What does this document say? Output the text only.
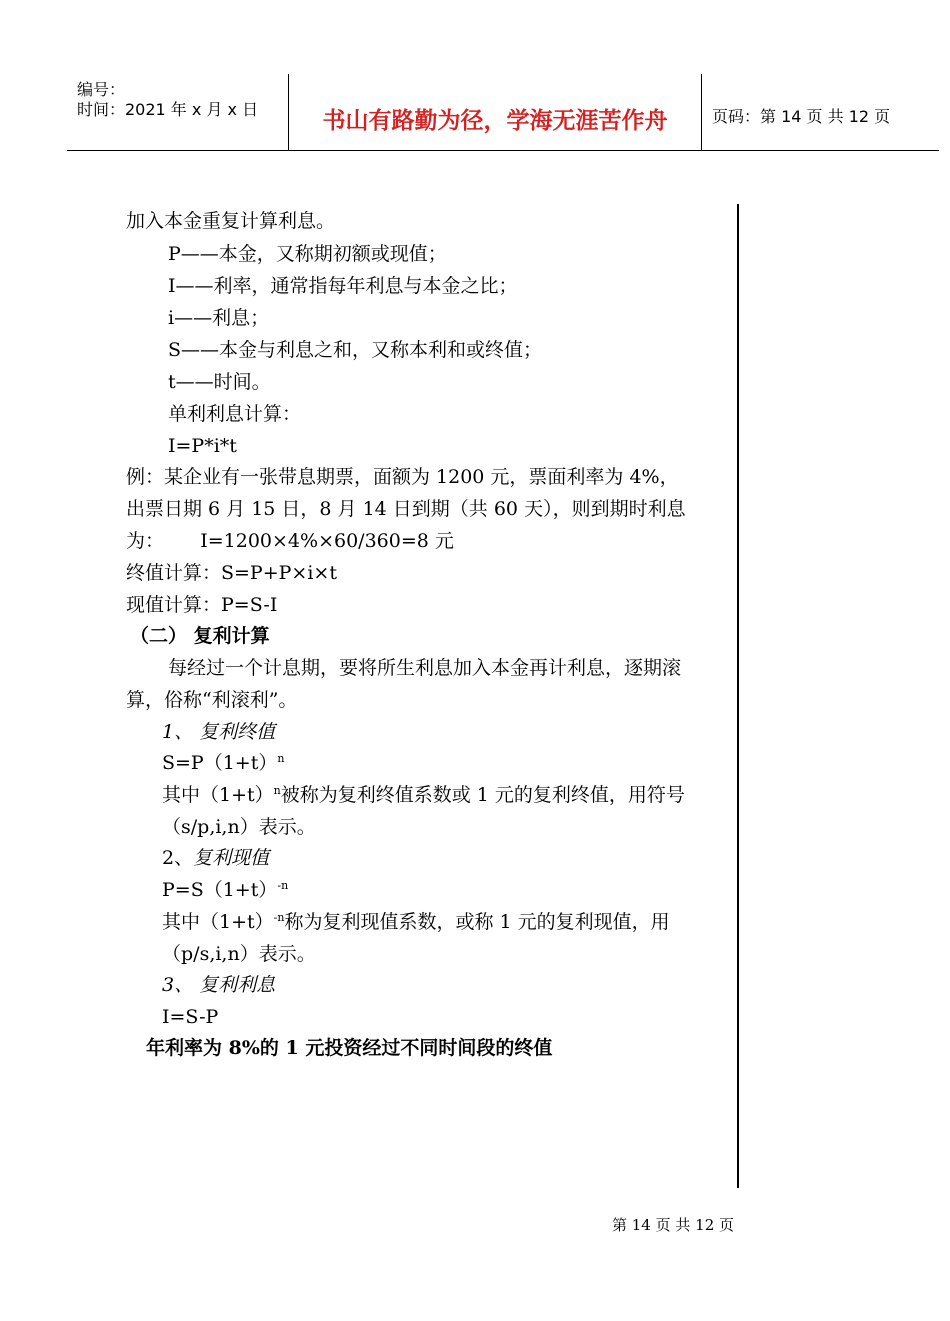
编号：
时间：2021 年 x 月 x 日	书山有路勤为径，学海无涯苦作舟	页码：第 14 页 共 12 页
加入本金重复计算利息。
P——本金，又称期初额或现值；
I——利率，通常指每年利息与本金之比；
i——利息；
S——本金与利息之和，又称本利和或终值；
t——时间。
单利利息计算：
I=P*i*t
例：某企业有一张带息期票，面额为 1200 元，票面利率为 4%，
出票日期 6 月 15 日，8 月 14 日到期（共 60 天），则到期时利息
为：      I=1200×4%×60/360=8 元
终值计算：S=P+P×i×t
现值计算：P=S-I
（二） 复利计算
每经过一个计息期，要将所生利息加入本金再计利息，逐期滚
算，俗称“利滚利”。
1、 复利终值
$S=P(1+t)^n$
其中$(1+t)^n$被称为复利终值系数或 1 元的复利终值，用符号
（s/p,i,n）表示。
2、复利现值
$P=S(1+t)^{-n}$
其中$(1+t)^{-n}$称为复利现值系数，或称 1 元的复利现值，用
（p/s,i,n）表示。
3、 复利利息
I=S-P
年利率为 8%的 1 元投资经过不同时间段的终值
第 14 页 共 12 页
